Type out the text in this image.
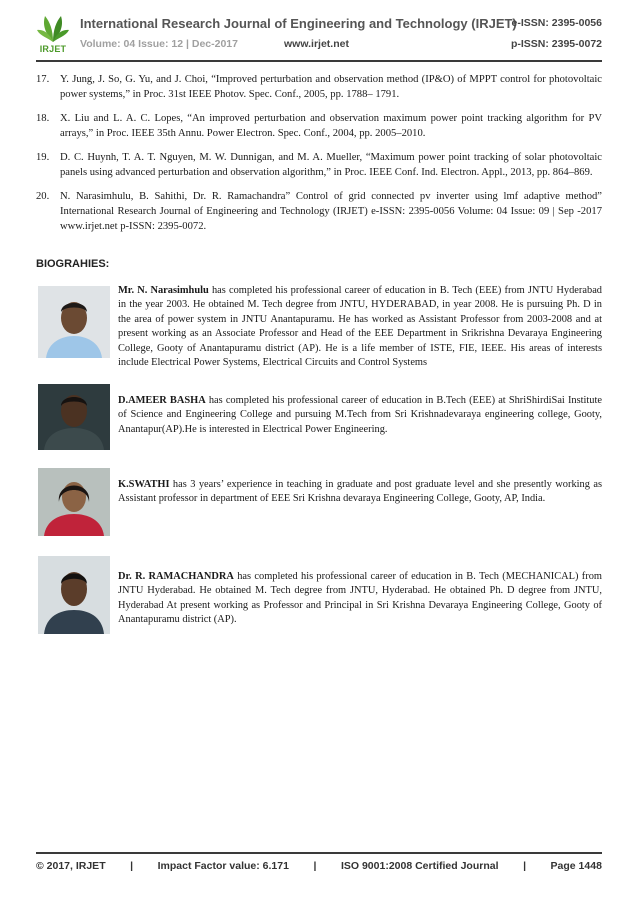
IRJET
International Research Journal of Engineering and Technology (IRJET)
Volume: 04 Issue: 12 | Dec-2017	www.irjet.net
e-ISSN: 2395-0056
p-ISSN: 2395-0072
17. Y. Jung, J. So, G. Yu, and J. Choi, “Improved perturbation and observation method (IP&O) of MPPT control for photovoltaic power systems,” in Proc. 31st IEEE Photov. Spec. Conf., 2005, pp. 1788– 1791.
18. X. Liu and L. A. C. Lopes, “An improved perturbation and observation maximum power point tracking algorithm for PV arrays,” in Proc. IEEE 35th Annu. Power Electron. Spec. Conf., 2004, pp. 2005–2010.
19. D. C. Huynh, T. A. T. Nguyen, M. W. Dunnigan, and M. A. Mueller, “Maximum power point tracking of solar photovoltaic panels using advanced perturbation and observation algorithm,” in Proc. IEEE Conf. Ind. Electron. Appl., 2013, pp. 864–869.
20. N. Narasimhulu, B. Sahithi, Dr. R. Ramachandra” Control of grid connected pv inverter using lmf adaptive method” International Research Journal of Engineering and Technology (IRJET) e-ISSN: 2395-0056 Volume: 04 Issue: 09 | Sep -2017 www.irjet.net p-ISSN: 2395-0072.
BIOGRAHIES:
Mr. N. Narasimhulu has completed his professional career of education in B. Tech (EEE) from JNTU Hyderabad in the year 2003. He obtained M. Tech degree from JNTU, HYDERABAD, in year 2008. He is pursuing Ph. D in the area of power system in JNTU Anantapuramu. He has worked as Assistant Professor from 2003-2008 and at present working as an Associate Professor and Head of the EEE Department in Srikrishna Devaraya Engineering College, Gooty of Anantapuramu district (AP). He is a life member of ISTE, FIE, IEEE. His areas of interests include Electrical Power Systems, Electrical Circuits and Control Systems
D.AMEER BASHA has completed his professional career of education in B.Tech (EEE) at ShriShirdiSai Institute of Science and Engineering College and pursuing M.Tech from Sri Krishnadevaraya engineering college, Gooty, Anantapur(AP).He is interested in Electrical Power Engineering.
K.SWATHI has 3 years’ experience in teaching in graduate and post graduate level and she presently working as Assistant professor in department of EEE Sri Krishna devaraya Engineering College, Gooty, AP, India.
Dr. R. RAMACHANDRA has completed his professional career of education in B. Tech (MECHANICAL) from JNTU Hyderabad. He obtained M. Tech degree from JNTU, Hyderabad. He obtained Ph. D degree from JNTU, Hyderabad At present working as Professor and Principal in Sri Krishna Devaraya Engineering College, Gooty of Anantapuramu district (AP).
© 2017, IRJET | Impact Factor value: 6.171 | ISO 9001:2008 Certified Journal | Page 1448
